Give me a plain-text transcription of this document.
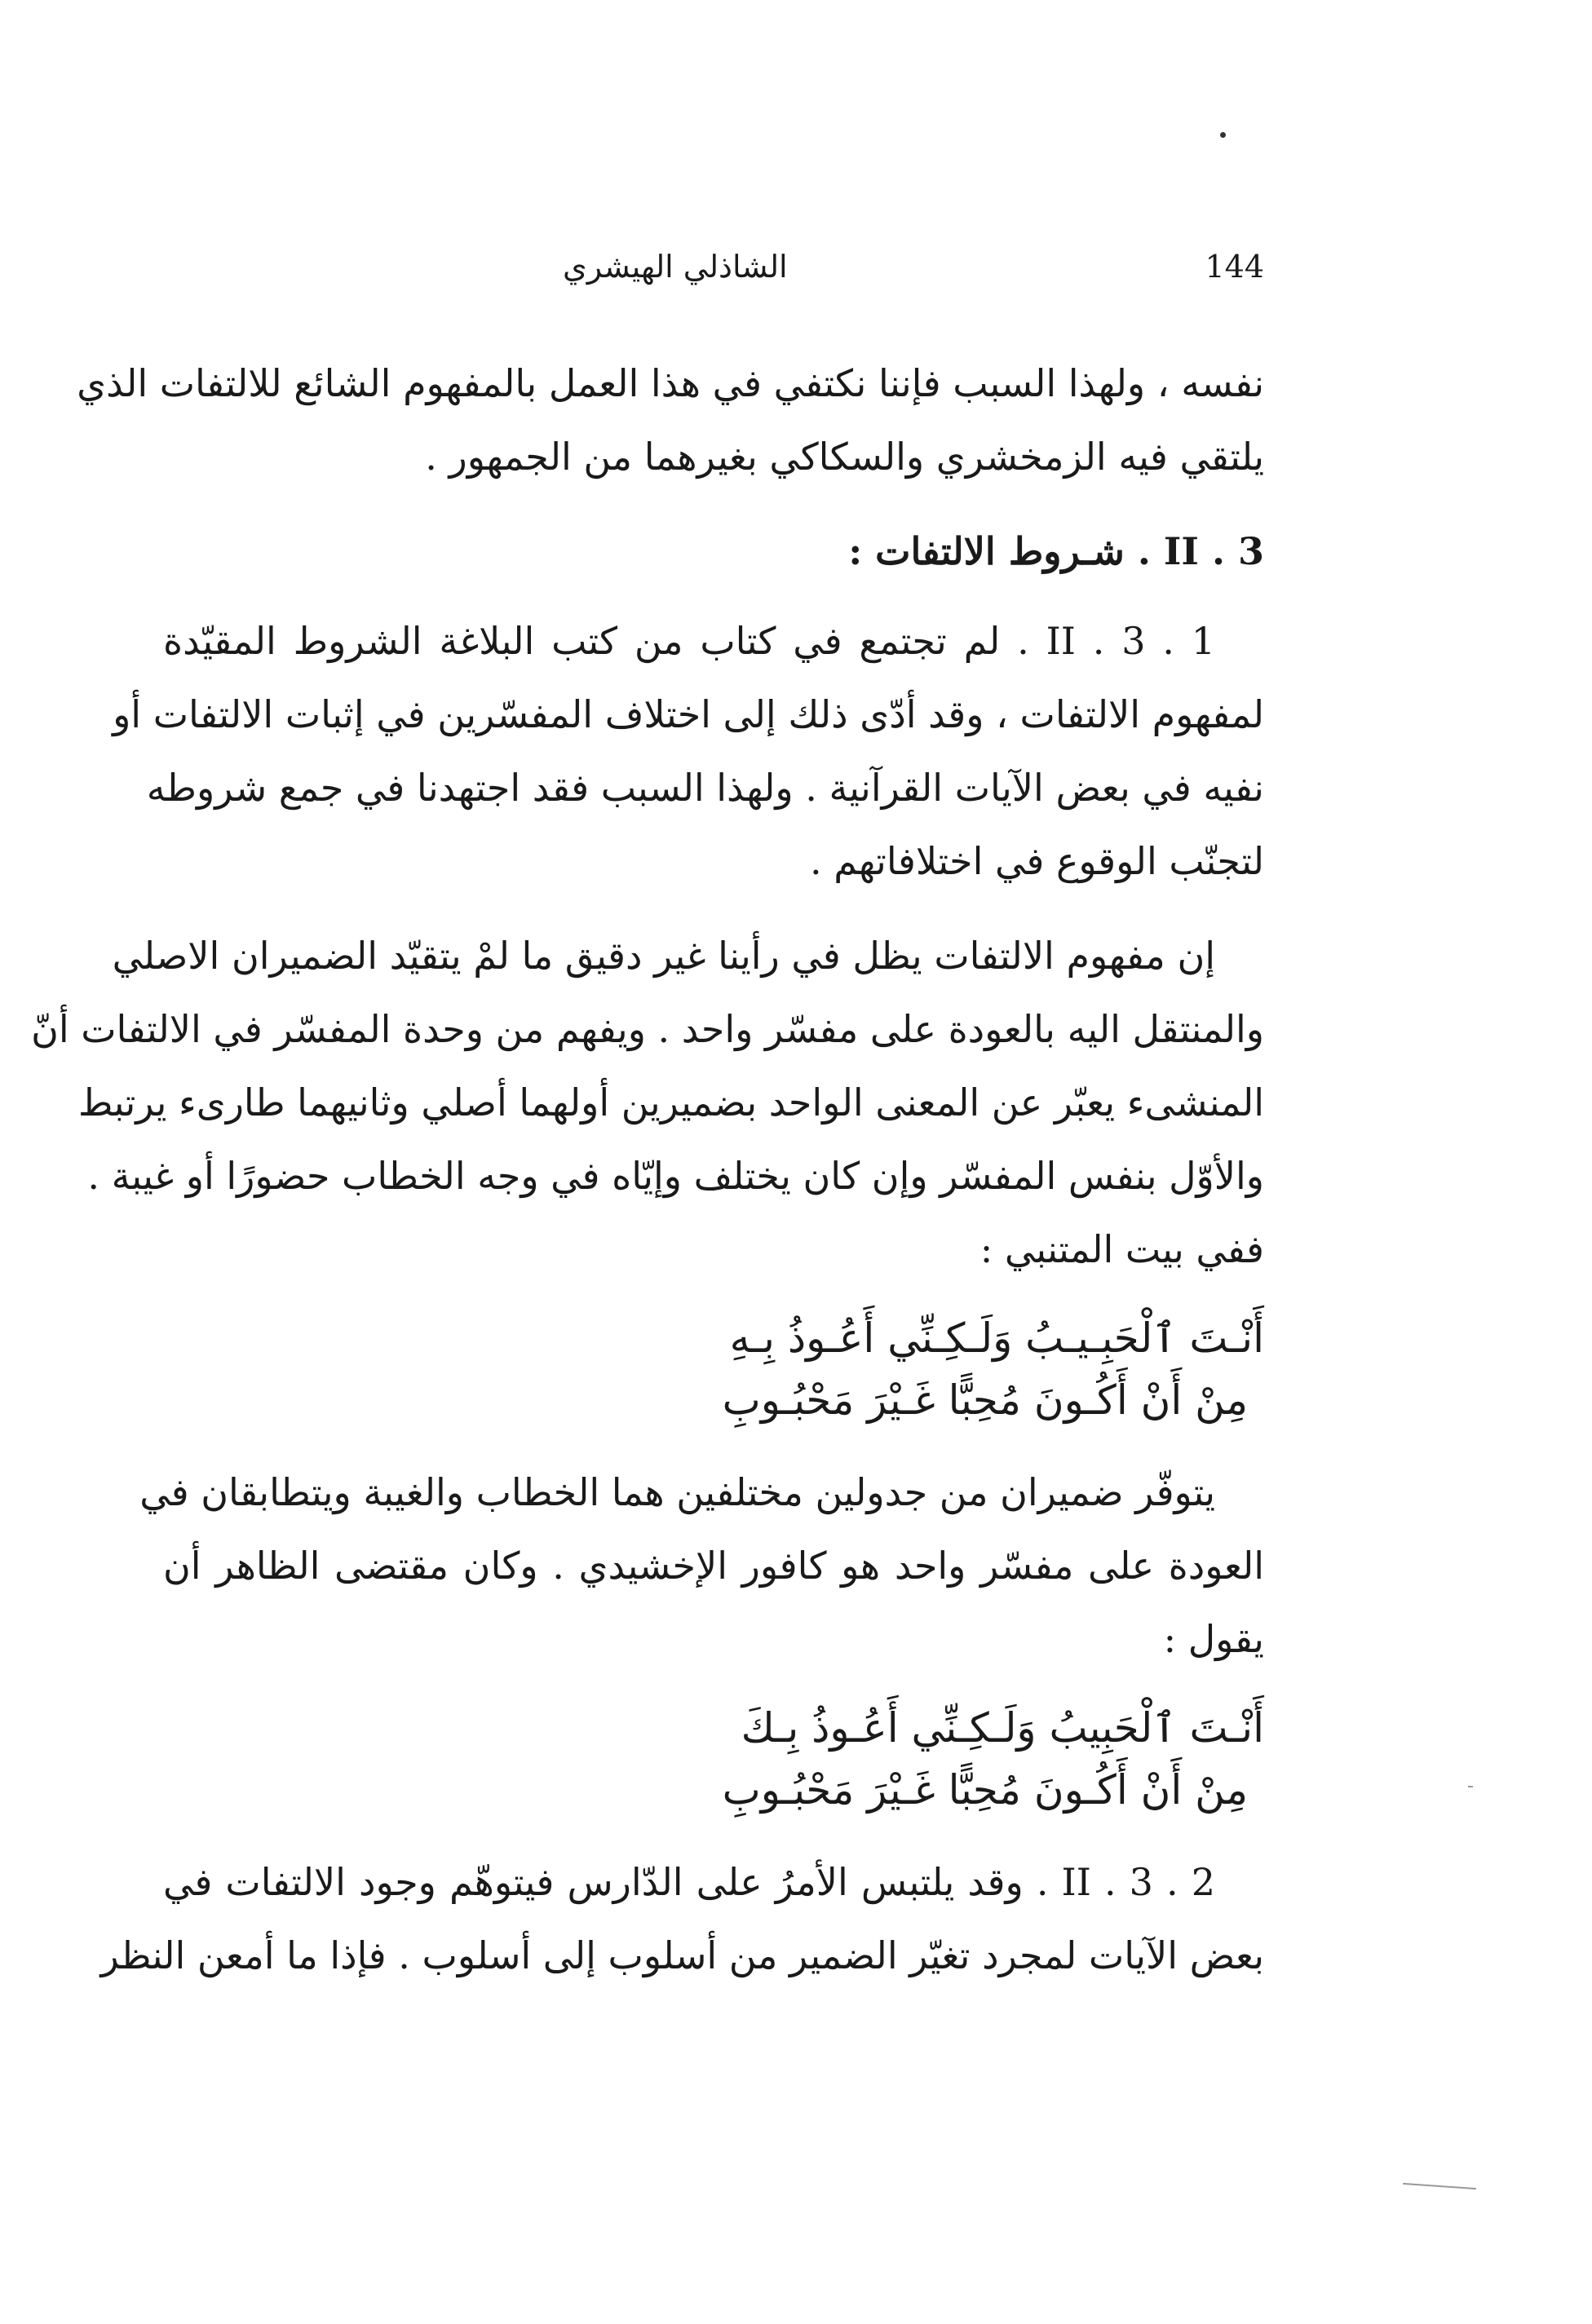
الشاذلي الهيشري	144
نفسه ، ولهذا السبب فإننا نكتفي في هذا العمل بالمفهوم الشائع للالتفات الذي
يلتقي فيه الزمخشري والسكاكي بغيرهما من الجمهور .
II . 3 . شـروط الالتفات :
II . 3 . 1 . لم تجتمع في كتاب من كتب البلاغة الشروط المقيّدة
لمفهوم الالتفات ، وقد أدّى ذلك إلى اختلاف المفسّرين في إثبات الالتفات أو
نفيه في بعض الآيات القرآنية . ولهذا السبب فقد اجتهدنا في جمع شروطه
لتجنّب الوقوع في اختلافاتهم .
إن مفهوم الالتفات يظل في رأينا غير دقيق ما لمْ يتقيّد الضميران الاصلي
والمنتقل اليه بالعودة على مفسّر واحد . ويفهم من وحدة المفسّر في الالتفات أنّ
المنشىء يعبّر عن المعنى الواحد بضميرين أولهما أصلي وثانيهما طارىء يرتبط
والأوّل بنفس المفسّر وإن كان يختلف وإيّاه في وجه الخطاب حضورًا أو غيبة .
ففي بيت المتنبي :
أَنْـتَ ٱلْحَبِـيـبُ وَلَـكِـنِّي أَعُـوذُ بِـهِ
مِنْ أَنْ أَكُـونَ مُحِبًّا غَـيْرَ مَحْبُـوبِ
يتوفّر ضميران من جدولين مختلفين هما الخطاب والغيبة ويتطابقان في
العودة على مفسّر واحد هو كافور الإخشيدي . وكان مقتضى الظاهر أن
يقول :
أَنْـتَ ٱلْحَبِيبُ وَلَـكِـنِّي أَعُـوذُ بِـكَ
مِنْ أَنْ أَكُـونَ مُحِبًّا غَـيْرَ مَحْبُـوبِ
II . 3 . 2 . وقد يلتبس الأمرُ على الدّارس فيتوهّم وجود الالتفات في
بعض الآيات لمجرد تغيّر الضمير من أسلوب إلى أسلوب . فإذا ما أمعن النظر
